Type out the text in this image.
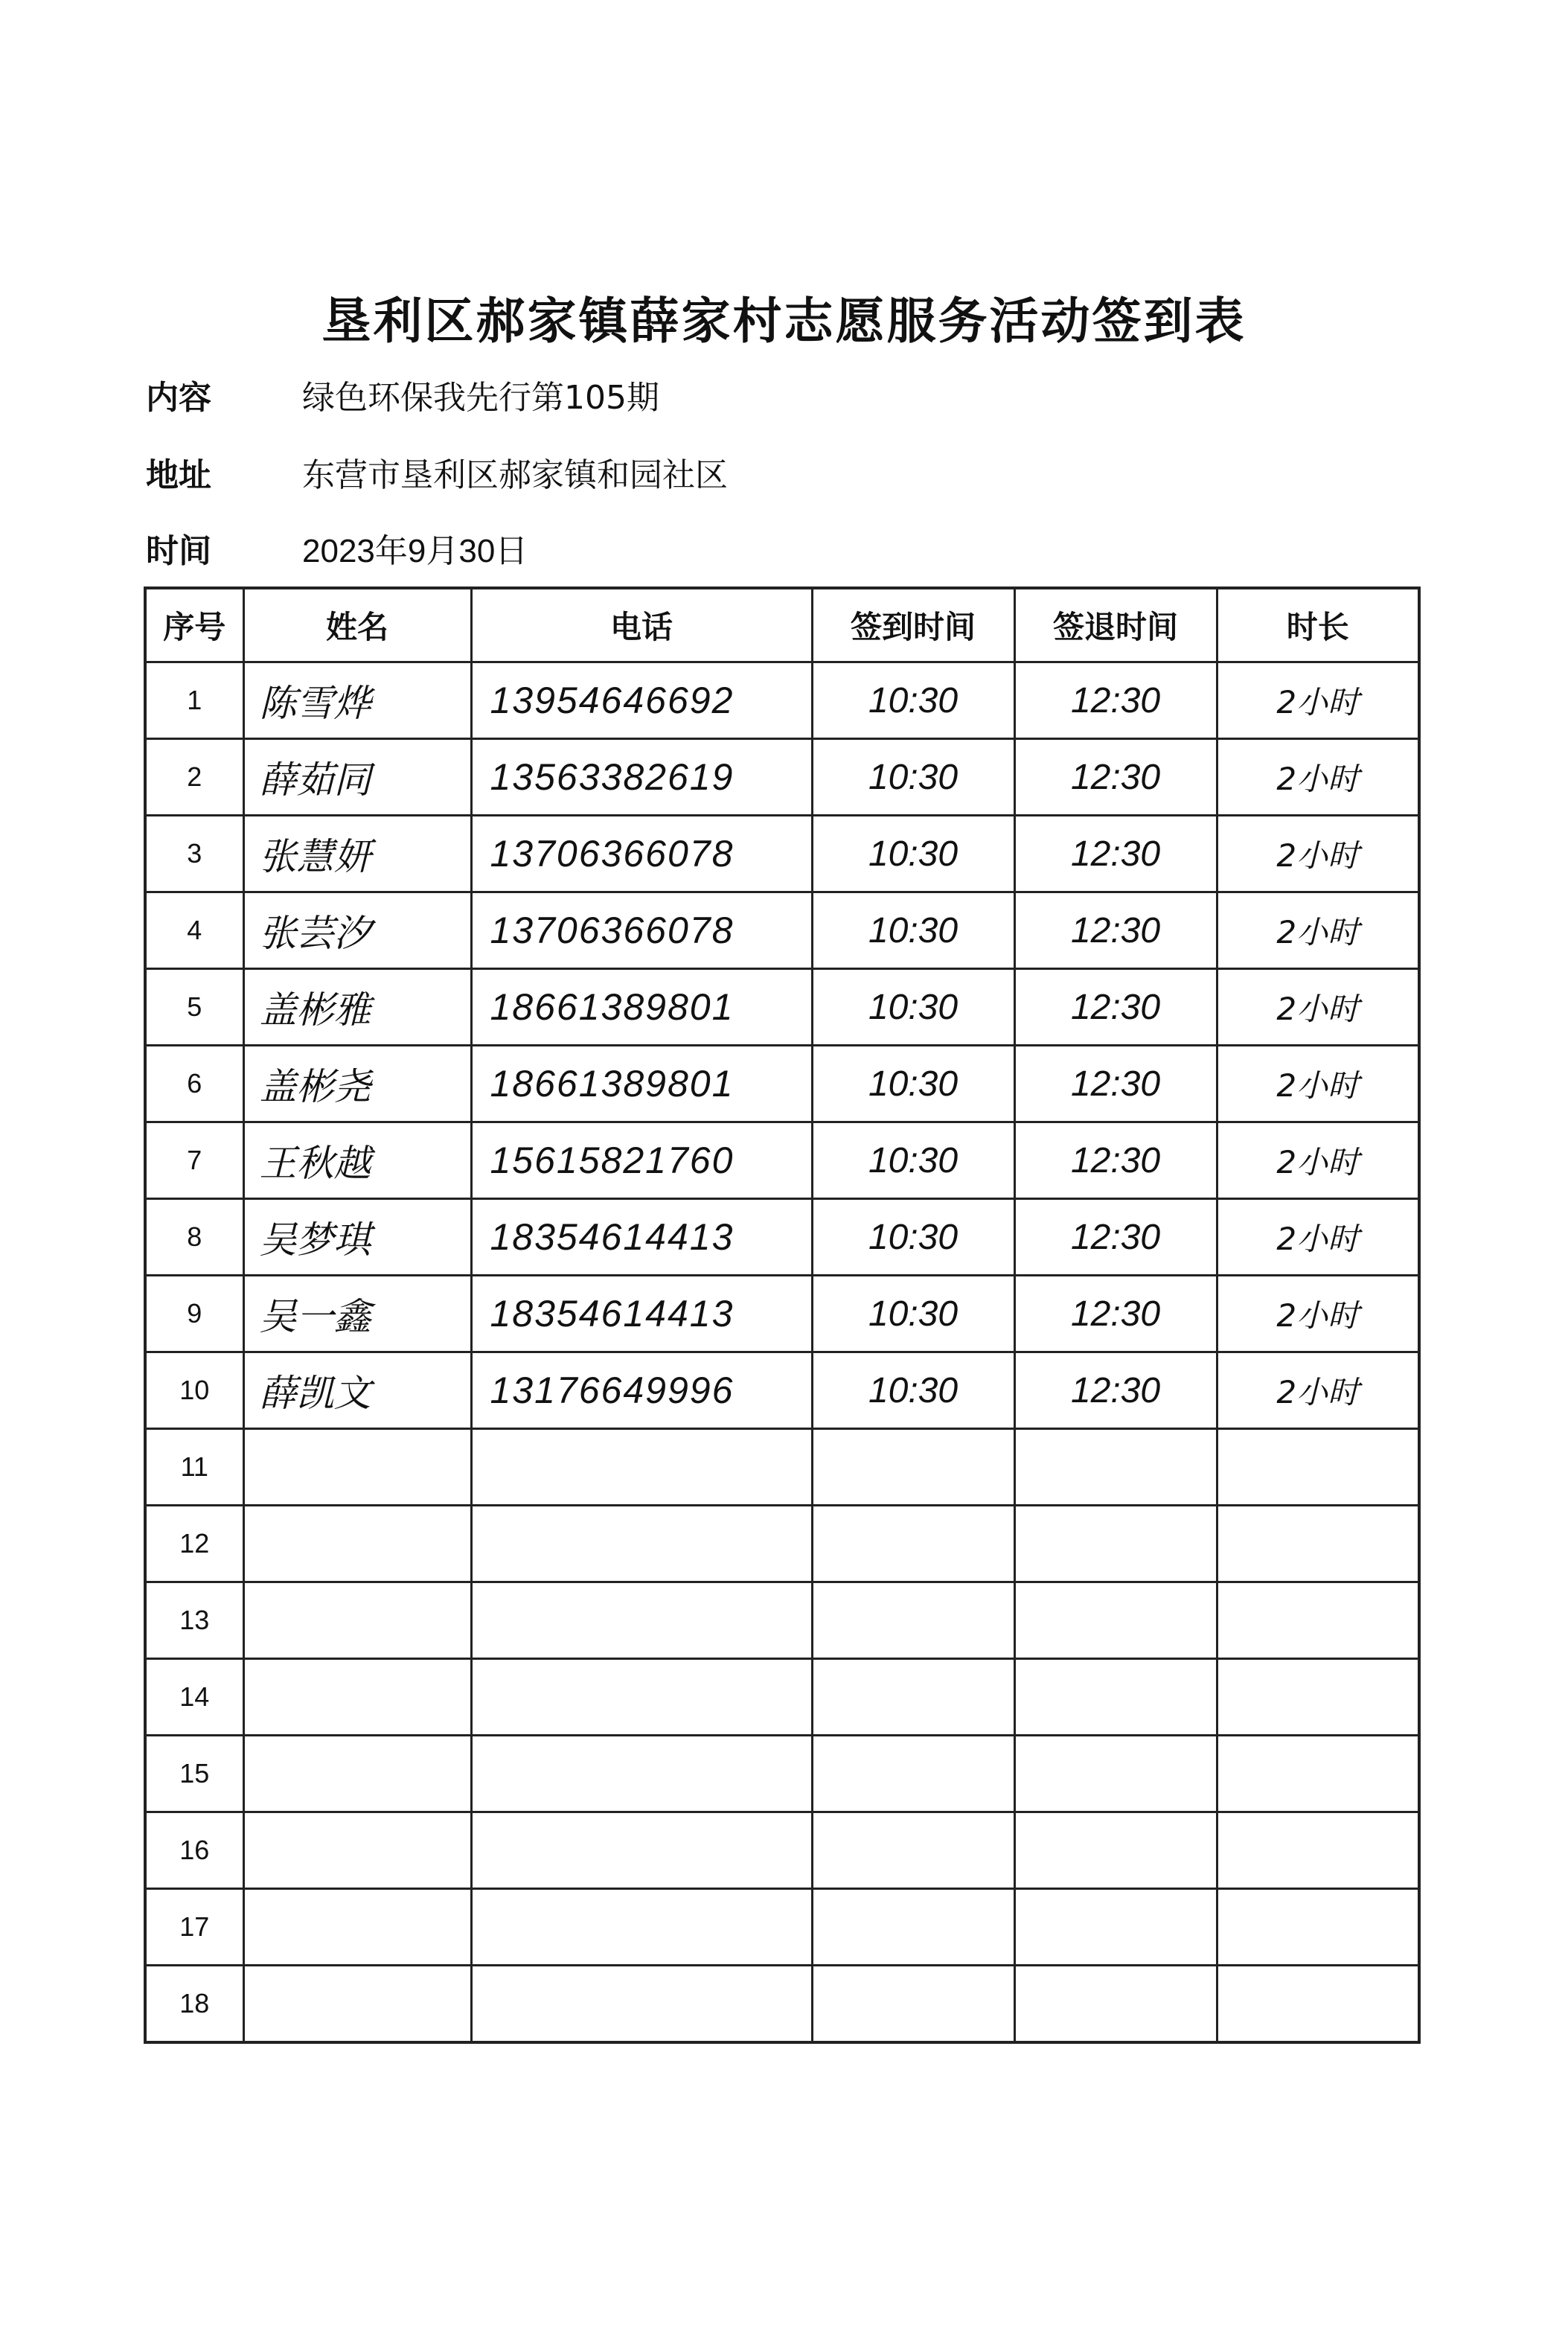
垦利区郝家镇薛家村志愿服务活动签到表
内容	绿色环保我先行第105期
地址	东营市垦利区郝家镇和园社区
时间	2023年9月30日
序号	姓名	电话	签到时间	签退时间	时长
1	陈雪烨	13954646692	10:30	12:30	2小时
2	薛茹同	13563382619	10:30	12:30	2小时
3	张慧妍	13706366078	10:30	12:30	2小时
4	张芸汐	13706366078	10:30	12:30	2小时
5	盖彬雅	18661389801	10:30	12:30	2小时
6	盖彬尧	18661389801	10:30	12:30	2小时
7	王秋越	15615821760	10:30	12:30	2小时
8	吴梦琪	18354614413	10:30	12:30	2小时
9	吴一鑫	18354614413	10:30	12:30	2小时
10	薛凯文	13176649996	10:30	12:30	2小时
11					
12					
13					
14					
15					
16					
17					
18					
